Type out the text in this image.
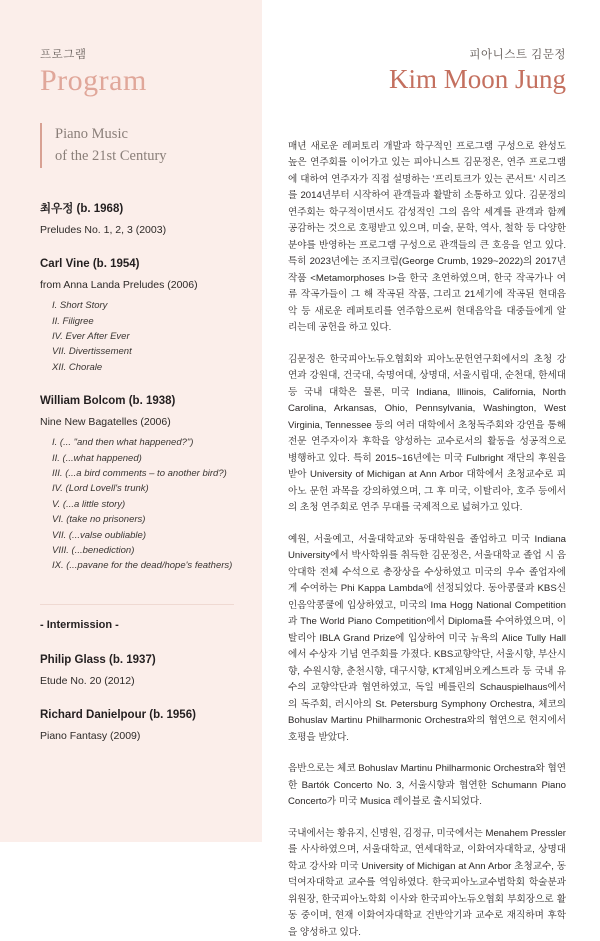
프로그램
Program
Piano Music
of the 21st Century
최우정 (b. 1968)
Preludes No. 1, 2, 3 (2003)
Carl Vine (b. 1954)
from Anna Landa Preludes (2006)
I. Short Story
II. Filigree
IV. Ever After Ever
VII. Divertissement
XII. Chorale
William Bolcom (b. 1938)
Nine New Bagatelles (2006)
I. (... "and then what happened?")
II. (...what happened)
III. (...a bird comments – to another bird?)
IV. (Lord Lovell's trunk)
V. (...a little story)
VI. (take no prisoners)
VII. (...valse oubliable)
VIII. (...benediction)
IX. (...pavane for the dead/hope's feathers)
- Intermission -
Philip Glass (b. 1937)
Etude No. 20 (2012)
Richard Danielpour (b. 1956)
Piano Fantasy (2009)
피아니스트 김문정
Kim Moon Jung

매년 새로운 레퍼토리 개발과 학구적인 프로그램 구성으로 완성도 높은 연주회를 이어가고 있는 피아니스트 김문정은, 연주 프로그램에 대하여 연주자가 직접 설명하는 '프리토크가 있는 콘서트' 시리즈를 2014년부터 시작하여 관객들과 활발히 소통하고 있다. 김문정의 연주회는 학구적이면서도 감성적인 그의 음악 세계를 관객과 함께 공감하는 것으로 호평받고 있으며, 미술, 문학, 역사, 철학 등 다양한 분야를 반영하는 프로그램 구성으로 관객들의 큰 호응을 얻고 있다. 특히 2023년에는 조지크럼(George Crumb, 1929~2022)의 2017년 작품 <Metamorphoses I>을 한국 초연하였으며, 한국 작곡가나 여류 작곡가들이 그 해 작곡된 작품, 그리고 21세기에 작곡된 현대음악 등 새로운 레퍼토리를 연주함으로써 현대음악을 대중들에게 알리는데 공헌을 하고 있다.

김문정은 한국피아노듀오협회와 피아노문헌연구회에서의 초청 강연과 강원대, 건국대, 숙명여대, 상명대, 서울시립대, 순천대, 한세대 등 국내 대학은 물론, 미국 Indiana, Illinois, California, North Carolina, Arkansas, Ohio, Pennsylvania, Washington, West Virginia, Tennessee 등의 여러 대학에서 초청독주회와 강연을 통해 전문 연주자이자 후학을 양성하는 교수로서의 활동을 성공적으로 병행하고 있다. 특히 2015~16년에는 미국 Fulbright 재단의 후원을 받아 University of Michigan at Ann Arbor 대학에서 초청교수로 피아노 문헌 과목을 강의하였으며, 그 후 미국, 이탈리아, 호주 등에서의 초청 연주회로 연주 무대를 국제적으로 넓혀가고 있다.

예원, 서울예고, 서울대학교와 동대학원을 졸업하고 미국 Indiana University에서 박사학위를 취득한 김문정은, 서울대학교 졸업 시 음악대학 전체 수석으로 총장상을 수상하였고 미국의 우수 졸업자에게 수여하는 Phi Kappa Lambda에 선정되었다. 동아콩쿨과 KBS신인음악콩쿨에 입상하였고, 미국의 Ima Hogg National Competition과 The World Piano Competition에서 Diploma를 수여하였으며, 이탈리아 IBLA Grand Prize에 입상하여 미국 뉴욕의 Alice Tully Hall에서 수상자 기념 연주회를 가졌다. KBS교향악단, 서울시향, 부산시향, 수원시향, 춘천시향, 대구시향, KT체임버오케스트라 등 국내 유수의 교향악단과 협연하였고, 독일 베를린의 Schauspielhaus에서의 독주회, 러시아의 St. Petersburg Symphony Orchestra, 체코의 Bohuslav Martinu Philharmonic Orchestra와의 협연으로 현지에서 호평을 받았다.

음반으로는 체코 Bohuslav Martinu Philharmonic Orchestra와 협연한 Bartók Concerto No. 3, 서울시향과 협연한 Schumann Piano Concerto가 미국 Musica 레이블로 출시되었다.

국내에서는 황유지, 신명원, 김정규, 미국에서는 Menahem Pressler를 사사하였으며, 서울대학교, 연세대학교, 이화여자대학교, 상명대학교 강사와 미국 University of Michigan at Ann Arbor 초청교수, 동덕여자대학교 교수를 역임하였다. 한국피아노교수법학회 학술분과위원장, 한국피아노학회 이사와 한국피아노듀오협회 부회장으로 활동 중이며, 현재 이화여자대학교 건반악기과 교수로 재직하며 후학을 양성하고 있다.
